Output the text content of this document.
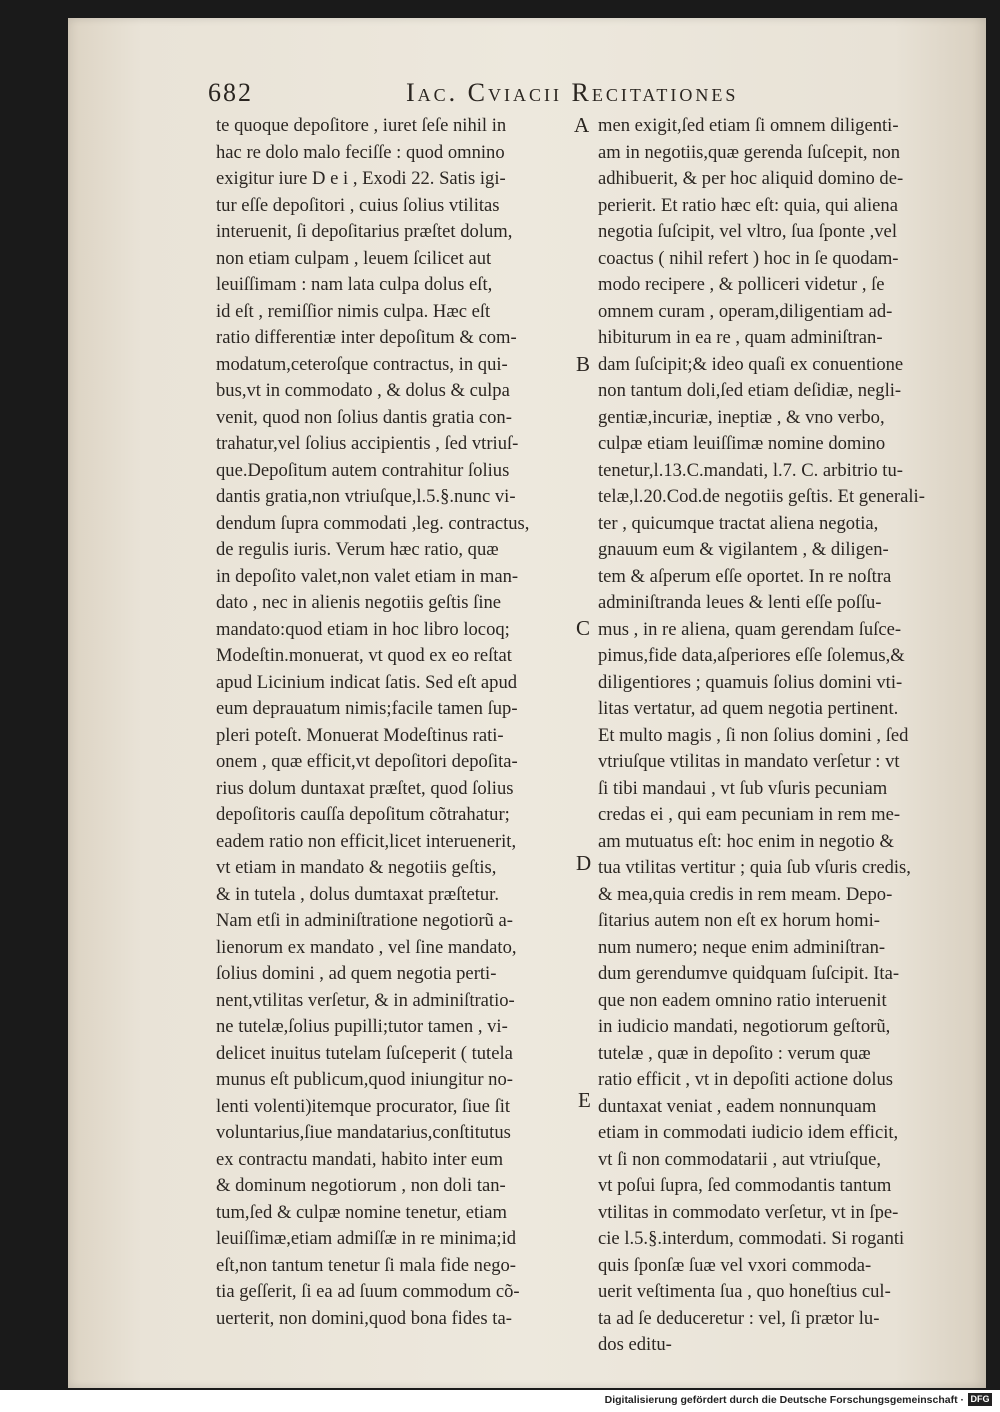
682	Iac. Cviacii Recitationes
te quoque depoſitore , iuret ſeſe nihil in
hac re dolo malo feciſſe : quod omnino
exigitur iure D e i , Exodi 22. Satis igi-
tur eſſe depoſitori , cuius ſolius vtilitas
interuenit, ſi depoſitarius præſtet dolum,
non etiam culpam , leuem ſcilicet aut
leuiſſimam : nam lata culpa dolus eſt,
id eſt , remiſſior nimis culpa. Hæc eſt
ratio differentiæ inter depoſitum & com-
modatum,ceteroſque contractus, in qui-
bus,vt in commodato , & dolus & culpa
venit, quod non ſolius dantis gratia con-
trahatur,vel ſolius accipientis , ſed vtriuſ-
que.Depoſitum autem contrahitur ſolius
dantis gratia,non vtriuſque,l.5.§.nunc vi-
dendum ſupra commodati ,leg. contractus,
de regulis iuris. Verum hæc ratio, quæ
in depoſito valet,non valet etiam in man-
dato , nec in alienis negotiis geſtis ſine
mandato:quod etiam in hoc libro locoq;
Modeſtin.monuerat, vt quod ex eo reſtat
apud Licinium indicat ſatis. Sed eſt apud
eum deprauatum nimis;facile tamen ſup-
pleri poteſt. Monuerat Modeſtinus rati-
onem , quæ efficit,vt depoſitori depoſita-
rius dolum duntaxat præſtet, quod ſolius
depoſitoris cauſſa depoſitum cõtrahatur;
eadem ratio non efficit,licet interuenerit,
vt etiam in mandato & negotiis geſtis,
& in tutela , dolus dumtaxat præſtetur.
Nam etſi in adminiſtratione negotiorũ a-
lienorum ex mandato , vel ſine mandato,
ſolius domini , ad quem negotia perti-
nent,vtilitas verſetur, & in adminiſtratio-
ne tutelæ,ſolius pupilli;tutor tamen , vi-
delicet inuitus tutelam ſuſceperit ( tutela
munus eſt publicum,quod iniungitur no-
lenti volenti)itemque procurator, ſiue ſit
voluntarius,ſiue mandatarius,conſtitutus
ex contractu mandati, habito inter eum
& dominum negotiorum , non doli tan-
tum,ſed & culpæ nomine tenetur, etiam
leuiſſimæ,etiam admiſſæ in re minima;id
eſt,non tantum tenetur ſi mala fide nego-
tia geſſerit, ſi ea ad ſuum commodum cõ-
uerterit, non domini,quod bona fides ta-
men exigit,ſed etiam ſi omnem diligenti-
am in negotiis,quæ gerenda ſuſcepit, non
adhibuerit, & per hoc aliquid domino de-
perierit. Et ratio hæc eſt: quia, qui aliena
negotia ſuſcipit, vel vltro, ſua ſponte ,vel
coactus ( nihil refert ) hoc in ſe quodam-
modo recipere , & polliceri videtur , ſe
omnem curam , operam,diligentiam ad-
hibiturum in ea re , quam adminiſtran-
dam ſuſcipit;& ideo quaſi ex conuentione
non tantum doli,ſed etiam deſidiæ, negli-
gentiæ,incuriæ, ineptiæ , & vno verbo,
culpæ etiam leuiſſimæ nomine domino
tenetur,l.13.C.mandati, l.7. C. arbitrio tu-
telæ,l.20.Cod.de negotiis geſtis. Et generali-
ter , quicumque tractat aliena negotia,
gnauum eum & vigilantem , & diligen-
tem & aſperum eſſe oportet. In re noſtra
adminiſtranda leues & lenti eſſe poſſu-
mus , in re aliena, quam gerendam ſuſce-
pimus,fide data,aſperiores eſſe ſolemus,&
diligentiores ; quamuis ſolius domini vti-
litas vertatur, ad quem negotia pertinent.
Et multo magis , ſi non ſolius domini , ſed
vtriuſque vtilitas in mandato verſetur : vt
ſi tibi mandaui , vt ſub vſuris pecuniam
credas ei , qui eam pecuniam in rem me-
am mutuatus eſt: hoc enim in negotio &
tua vtilitas vertitur ; quia ſub vſuris credis,
& mea,quia credis in rem meam. Depo-
ſitarius autem non eſt ex horum homi-
num numero; neque enim adminiſtran-
dum gerendumve quidquam ſuſcipit. Ita-
que non eadem omnino ratio interuenit
in iudicio mandati, negotiorum geſtorũ,
tutelæ , quæ in depoſito : verum quæ
ratio efficit , vt in depoſiti actione dolus
duntaxat veniat , eadem nonnunquam
etiam in commodati iudicio idem efficit,
vt ſi non commodatarii , aut vtriuſque,
vt poſui ſupra, ſed commodantis tantum
vtilitas in commodato verſetur, vt in ſpe-
cie l.5.§.interdum, commodati. Si roganti
quis ſponſæ ſuæ vel vxori commoda-
uerit veſtimenta ſua , quo honeſtius cul-
ta ad ſe deduceretur : vel, ſi prætor lu-
dos editu-
A
B
C
D
E
Digitalisierung gefördert durch die Deutsche Forschungsgemeinschaft · DFG
